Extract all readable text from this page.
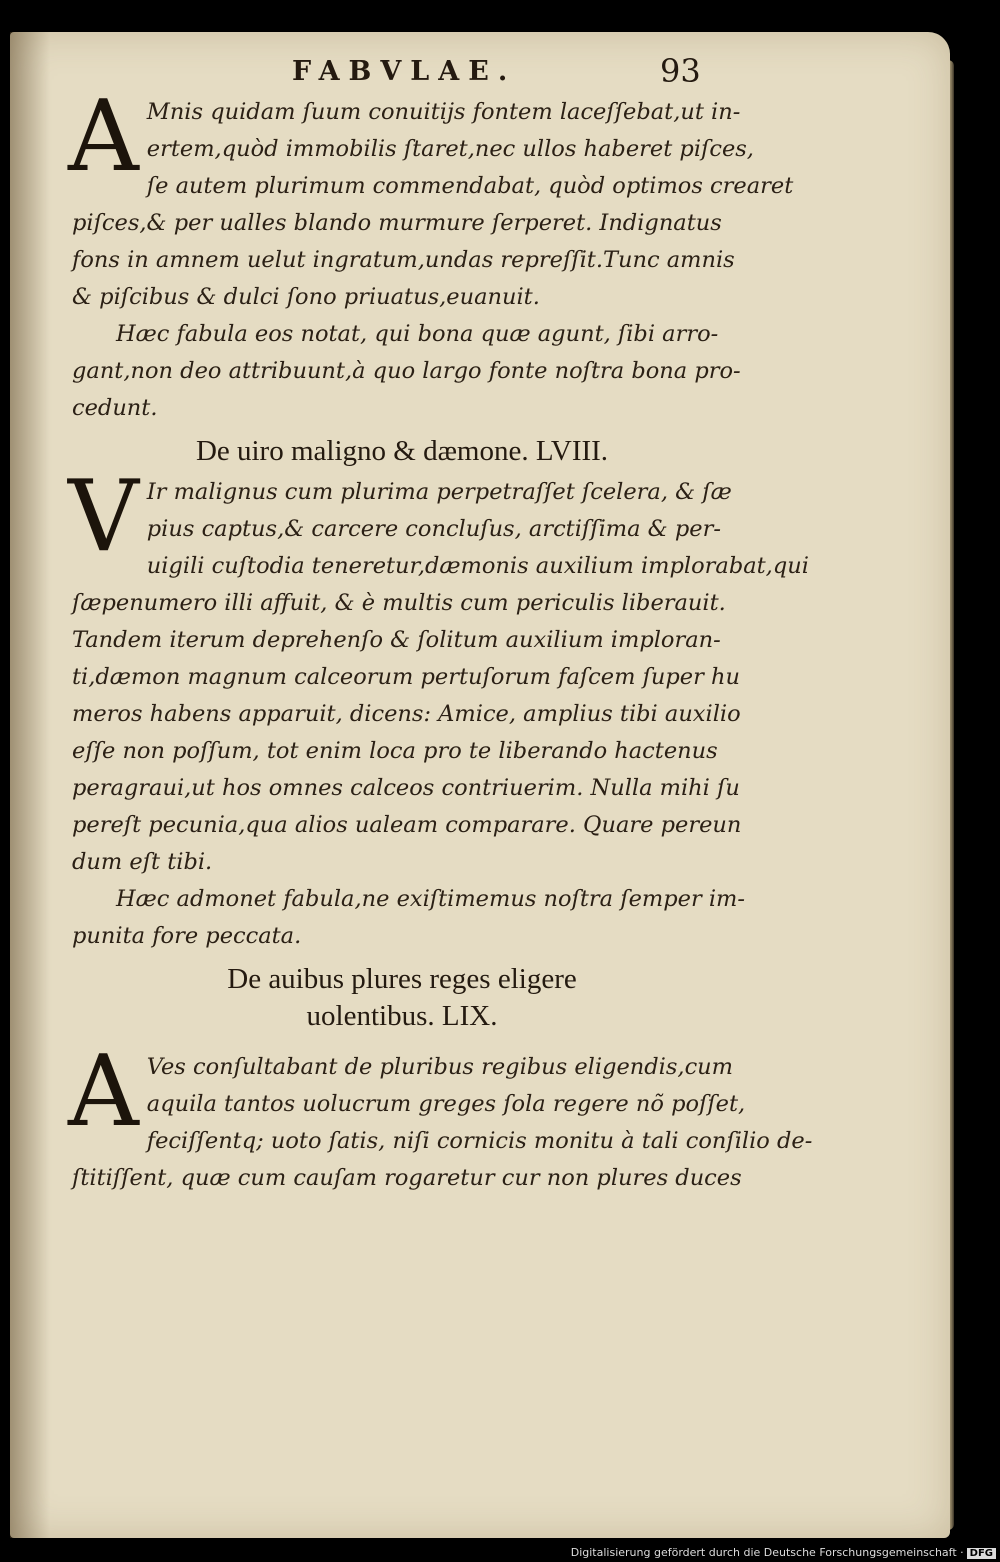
FABVLAE.	93
A Mnis quidam ſuum conuitijs fontem laceſſebat,ut in-
ertem,quòd immobilis ſtaret,nec ullos haberet piſces,
ſe autem plurimum commendabat, quòd optimos crearet
piſces,& per ualles blando murmure ſerperet. Indignatus
fons in amnem uelut ingratum,undas repreſſit.Tunc amnis
& piſcibus & dulci ſono priuatus,euanuit.
Hæc fabula eos notat, qui bona quæ agunt, ſibi arro-
gant,non deo attribuunt,à quo largo fonte noſtra bona pro-
cedunt.
De uiro maligno & dæmone. LVIII.
V Ir malignus cum plurima perpetraſſet ſcelera, & ſæ
pius captus,& carcere concluſus, arctiſſima & per-
uigili cuſtodia teneretur,dæmonis auxilium implorabat,qui
ſæpenumero illi affuit, & è multis cum periculis liberauit.
Tandem iterum deprehenſo & ſolitum auxilium imploran-
ti,dæmon magnum calceorum pertuſorum faſcem ſuper hu
meros habens apparuit, dicens: Amice, amplius tibi auxilio
eſſe non poſſum, tot enim loca pro te liberando hactenus
peragraui,ut hos omnes calceos contriuerim. Nulla mihi ſu
pereſt pecunia,qua alios ualeam comparare. Quare pereun
dum eſt tibi.
Hæc admonet fabula,ne exiſtimemus noſtra ſemper im-
punita fore peccata.
De auibus plures reges eligere
uolentibus. LIX.
A Ves conſultabant de pluribus regibus eligendis,cum
aquila tantos uolucrum greges ſola regere nõ poſſet,
feciſſentq; uoto ſatis, niſi cornicis monitu à tali conſilio de-
ſtitiſſent, quæ cum cauſam rogaretur cur non plures duces
Digitalisierung gefördert durch die Deutsche Forschungsgemeinschaft · DFG
